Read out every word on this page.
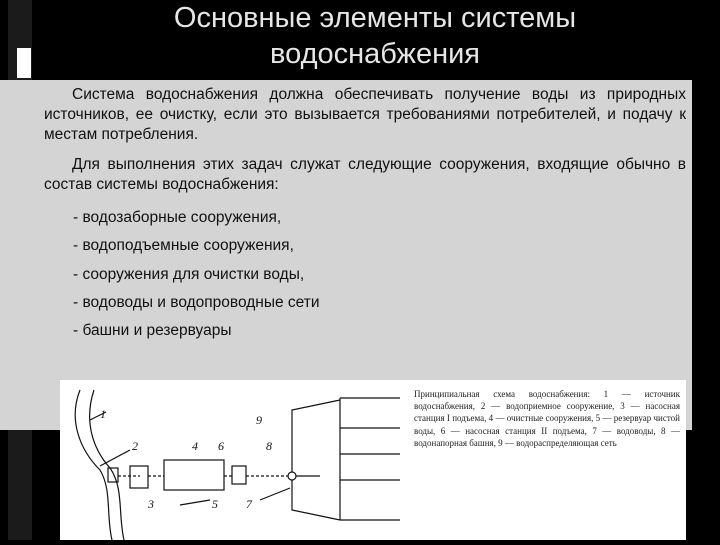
Основные элементы системы
водоснабжения
Система водоснабжения должна обеспечивать получение воды из природных источников, ее очистку, если это вызывается требованиями потребителей, и подачу к местам потребления.
Для выполнения этих задач служат следующие сооружения, входящие обычно в состав системы водоснабжения:
- водозаборные сооружения,
- водоподъемные сооружения,
- сооружения для очистки воды,
- водоводы и водопроводные сети
- башни и резервуары
1
2
3
4
5
6
7
8
9
Принципиальная схема водоснабжения: 1 — источник водоснабжения, 2 — водоприемное сооружение, 3 — насосная станция I подъема, 4 — очистные сооружения, 5 — резервуар чистой воды, 6 — насосная станция II подъема, 7 — водоводы, 8 — водонапорная башня, 9 — водораспределяющая сеть
